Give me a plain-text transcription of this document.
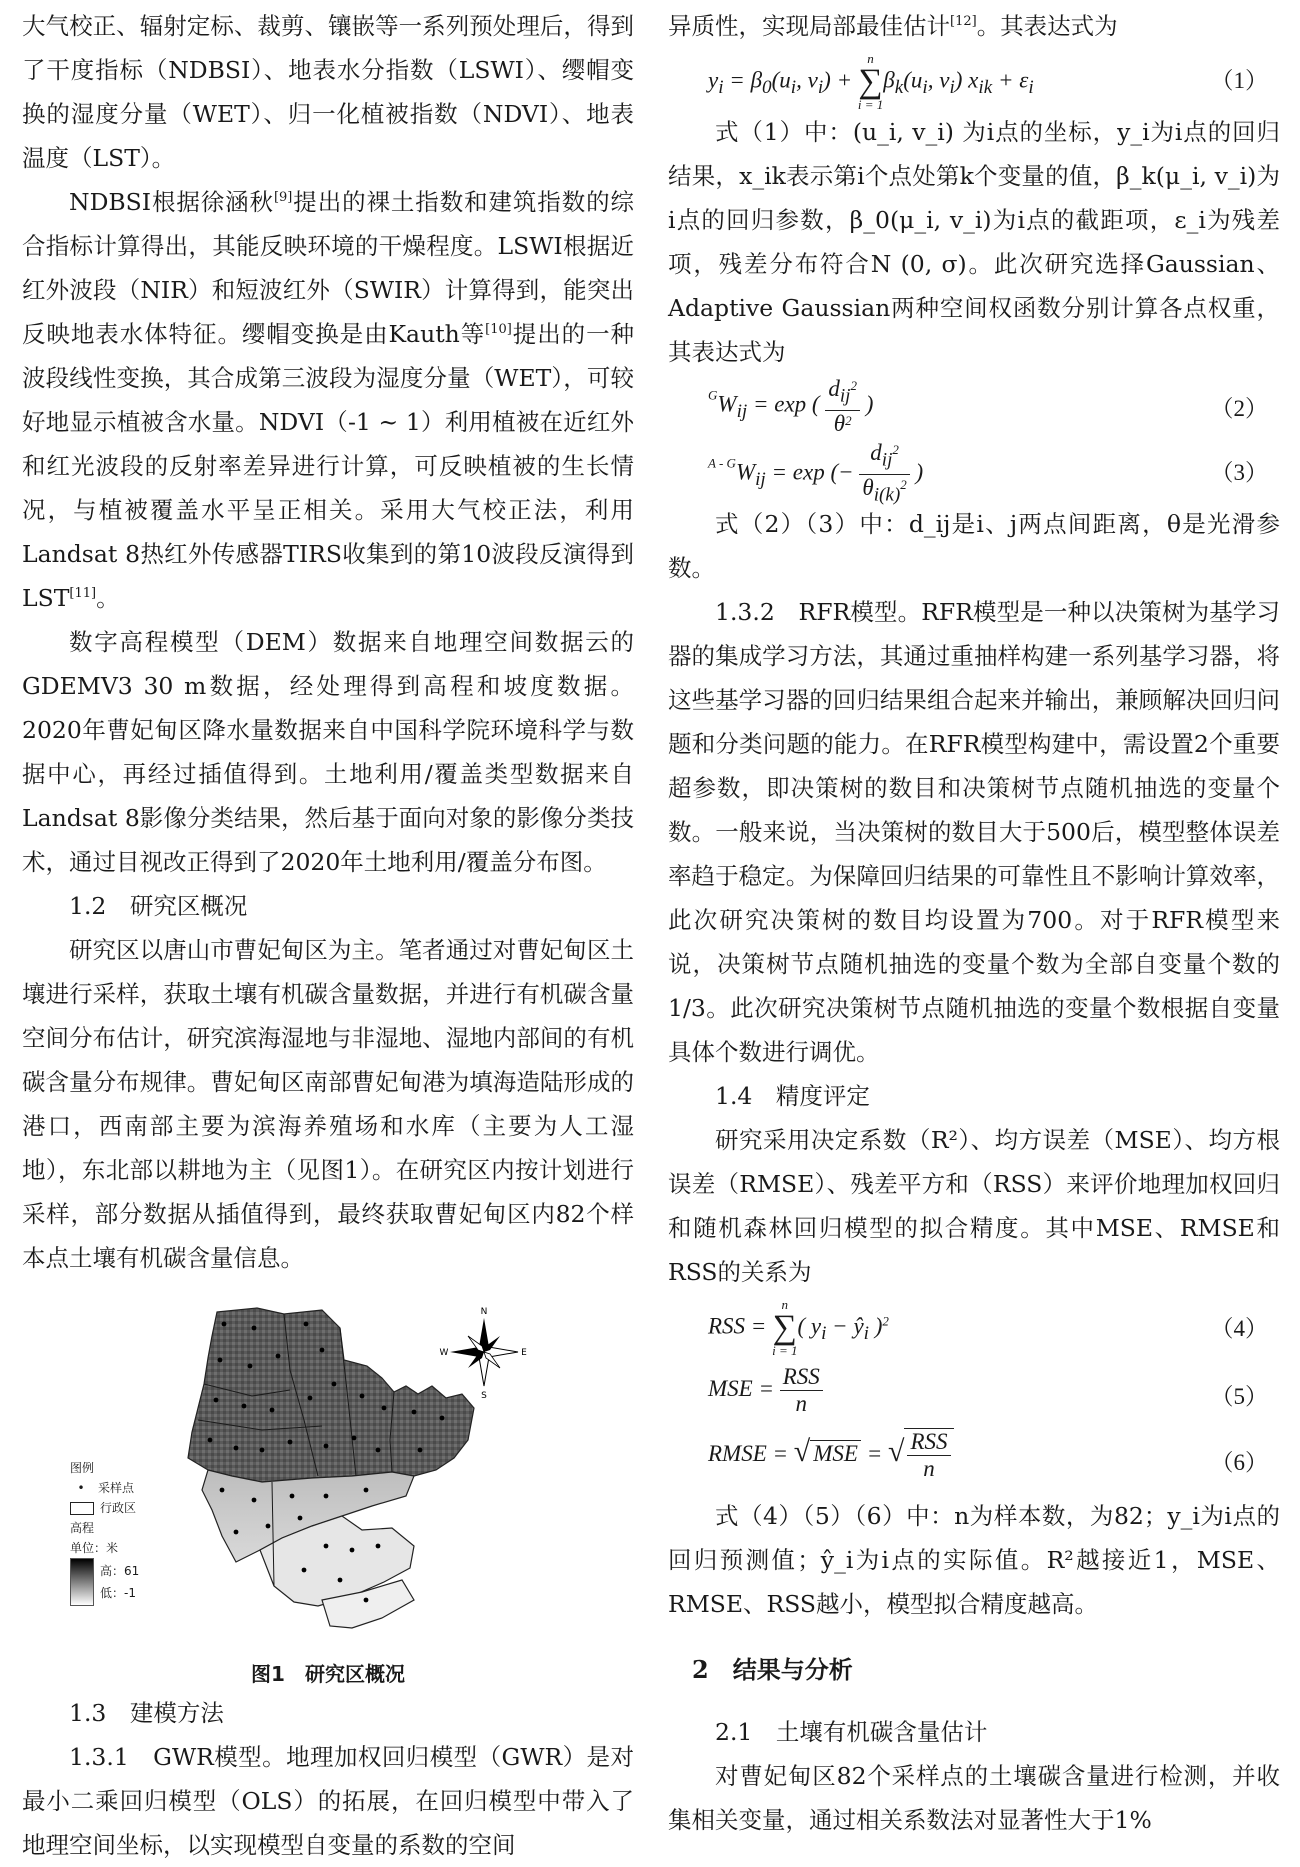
大气校正、辐射定标、裁剪、镶嵌等一系列预处理后，得到了干度指标（NDBSI）、地表水分指数（LSWI）、缨帽变换的湿度分量（WET）、归一化植被指数（NDVI）、地表温度（LST）。

NDBSI根据徐涵秋[9]提出的裸土指数和建筑指数的综合指标计算得出，其能反映环境的干燥程度。LSWI根据近红外波段（NIR）和短波红外（SWIR）计算得到，能突出反映地表水体特征。缨帽变换是由Kauth等[10]提出的一种波段线性变换，其合成第三波段为湿度分量（WET），可较好地显示植被含水量。NDVI（-1 ~ 1）利用植被在近红外和红光波段的反射率差异进行计算，可反映植被的生长情况，与植被覆盖水平呈正相关。采用大气校正法，利用Landsat 8热红外传感器TIRS收集到的第10波段反演得到LST[11]。

数字高程模型（DEM）数据来自地理空间数据云的GDEMV3 30 m数据，经处理得到高程和坡度数据。2020年曹妃甸区降水量数据来自中国科学院环境科学与数据中心，再经过插值得到。土地利用/覆盖类型数据来自Landsat 8影像分类结果，然后基于面向对象的影像分类技术，通过目视改正得到了2020年土地利用/覆盖分布图。

1.2　研究区概况

研究区以唐山市曹妃甸区为主。笔者通过对曹妃甸区土壤进行采样，获取土壤有机碳含量数据，并进行有机碳含量空间分布估计，研究滨海湿地与非湿地、湿地内部间的有机碳含量分布规律。曹妃甸区南部曹妃甸港为填海造陆形成的港口，西南部主要为滨海养殖场和水库（主要为人工湿地），东北部以耕地为主（见图1）。在研究区内按计划进行采样，部分数据从插值得到，最终获取曹妃甸区内82个样本点土壤有机碳含量信息。

N
S
E
W
图例
•	采样点
行政区
高程
单位：米
高：61
低：-1
图1　研究区概况
1.3　建模方法

1.3.1　GWR模型。地理加权回归模型（GWR）是对最小二乘回归模型（OLS）的拓展，在回归模型中带入了地理空间坐标，以实现模型自变量的系数的空间

异质性，实现局部最佳估计[12]。其表达式为

$y_i = \beta_0(u_i$, $v_i$) +
n
∑
i = 1
$\beta_k(u_i$, $v_i$) $x_{ik} + \varepsilon_i$	（1）

式（1）中：(u_i, v_i) 为i点的坐标，y_i为i点的回归结果，x_ik表示第i个点处第k个变量的值，β_k(μ_i, v_i)为i点的回归参数，β_0(μ_i, v_i)为i点的截距项，ε_i为残差项，残差分布符合N (0, σ)。此次研究选择Gaussian、Adaptive Gaussian两种空间权函数分别计算各点权重，其表达式为

$^GW_{ij} = \exp$ ( $\frac{d_{ij}^2}{\theta^2}$ )	（2）
$^{A - G}W_{ij} = \exp$ (− $\frac{d_{ij}^2}{\theta_{i(k)}^2}$ )	（3）

式（2）（3）中：d_ij是i、j两点间距离，θ是光滑参数。

1.3.2　RFR模型。RFR模型是一种以决策树为基学习器的集成学习方法，其通过重抽样构建一系列基学习器，将这些基学习器的回归结果组合起来并输出，兼顾解决回归问题和分类问题的能力。在RFR模型构建中，需设置2个重要超参数，即决策树的数目和决策树节点随机抽选的变量个数。一般来说，当决策树的数目大于500后，模型整体误差率趋于稳定。为保障回归结果的可靠性且不影响计算效率，此次研究决策树的数目均设置为700。对于RFR模型来说，决策树节点随机抽选的变量个数为全部自变量个数的1/3。此次研究决策树节点随机抽选的变量个数根据自变量具体个数进行调优。

1.4　精度评定

研究采用决定系数（R²）、均方误差（MSE）、均方根误差（RMSE）、残差平方和（RSS）来评价地理加权回归和随机森林回归模型的拟合精度。其中MSE、RMSE和RSS的关系为

RSS =
n
∑
i = 1
( $y_i$ − $ŷ_i$ )$^2$	（4）
MSE = $\frac{\text{RSS}}{n}$	（5）
RMSE = √ MSE = √ $\frac{\text{RSS}}{n}$	（6）

式（4）（5）（6）中：n为样本数，为82；y_i为i点的回归预测值；ŷ_i为i点的实际值。R²越接近1，MSE、RMSE、RSS越小，模型拟合精度越高。

2　结果与分析
2.1　土壤有机碳含量估计

对曹妃甸区82个采样点的土壤碳含量进行检测，并收集相关变量，通过相关系数法对显著性大于1%
